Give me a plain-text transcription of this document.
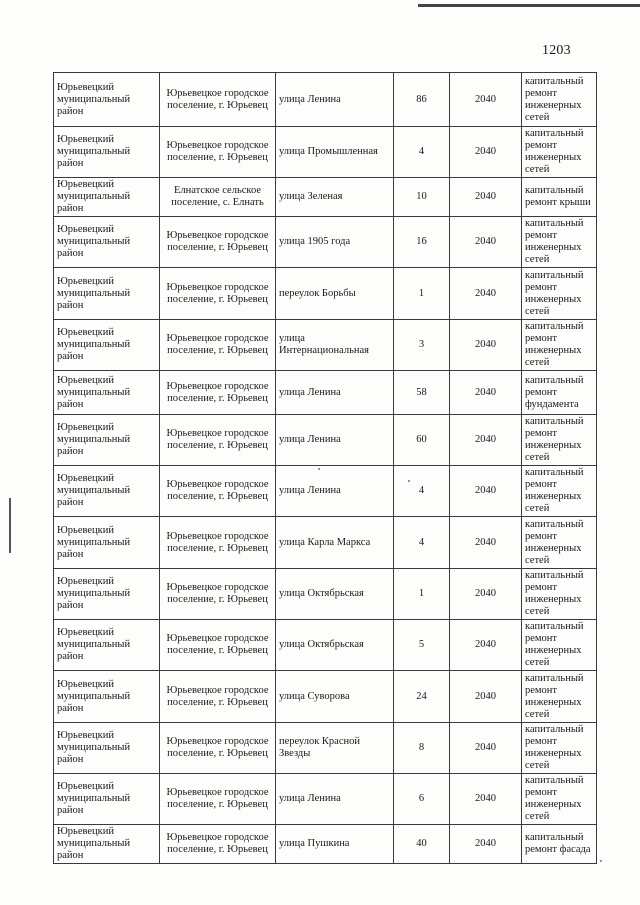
1203
Юрьевецкий муниципальный район	Юрьевецкое городское поселение, г. Юрьевец	улица Ленина	86	2040	капитальный ремонт инженерных сетей
Юрьевецкий муниципальный район	Юрьевецкое городское поселение, г. Юрьевец	улица Промышленная	4	2040	капитальный ремонт инженерных сетей
Юрьевецкий муниципальный район	Елнатское сельское поселение, с. Елнать	улица Зеленая	10	2040	капитальный ремонт крыши
Юрьевецкий муниципальный район	Юрьевецкое городское поселение, г. Юрьевец	улица 1905 года	16	2040	капитальный ремонт инженерных сетей
Юрьевецкий муниципальный район	Юрьевецкое городское поселение, г. Юрьевец	переулок Борьбы	1	2040	капитальный ремонт инженерных сетей
Юрьевецкий муниципальный район	Юрьевецкое городское поселение, г. Юрьевец	улица Интернациональная	3	2040	капитальный ремонт инженерных сетей
Юрьевецкий муниципальный район	Юрьевецкое городское поселение, г. Юрьевец	улица Ленина	58	2040	капитальный ремонт фундамента
Юрьевецкий муниципальный район	Юрьевецкое городское поселение, г. Юрьевец	улица Ленина	60	2040	капитальный ремонт инженерных сетей
Юрьевецкий муниципальный район	Юрьевецкое городское поселение, г. Юрьевец	улица Ленина	4	2040	капитальный ремонт инженерных сетей
Юрьевецкий муниципальный район	Юрьевецкое городское поселение, г. Юрьевец	улица Карла Маркса	4	2040	капитальный ремонт инженерных сетей
Юрьевецкий муниципальный район	Юрьевецкое городское поселение, г. Юрьевец	улица Октябрьская	1	2040	капитальный ремонт инженерных сетей
Юрьевецкий муниципальный район	Юрьевецкое городское поселение, г. Юрьевец	улица Октябрьская	5	2040	капитальный ремонт инженерных сетей
Юрьевецкий муниципальный район	Юрьевецкое городское поселение, г. Юрьевец	улица Суворова	24	2040	капитальный ремонт инженерных сетей
Юрьевецкий муниципальный район	Юрьевецкое городское поселение, г. Юрьевец	переулок Красной Звезды	8	2040	капитальный ремонт инженерных сетей
Юрьевецкий муниципальный район	Юрьевецкое городское поселение, г. Юрьевец	улица Ленина	6	2040	капитальный ремонт инженерных сетей
Юрьевецкий муниципальный район	Юрьевецкое городское поселение, г. Юрьевец	улица Пушкина	40	2040	капитальный ремонт фасада
